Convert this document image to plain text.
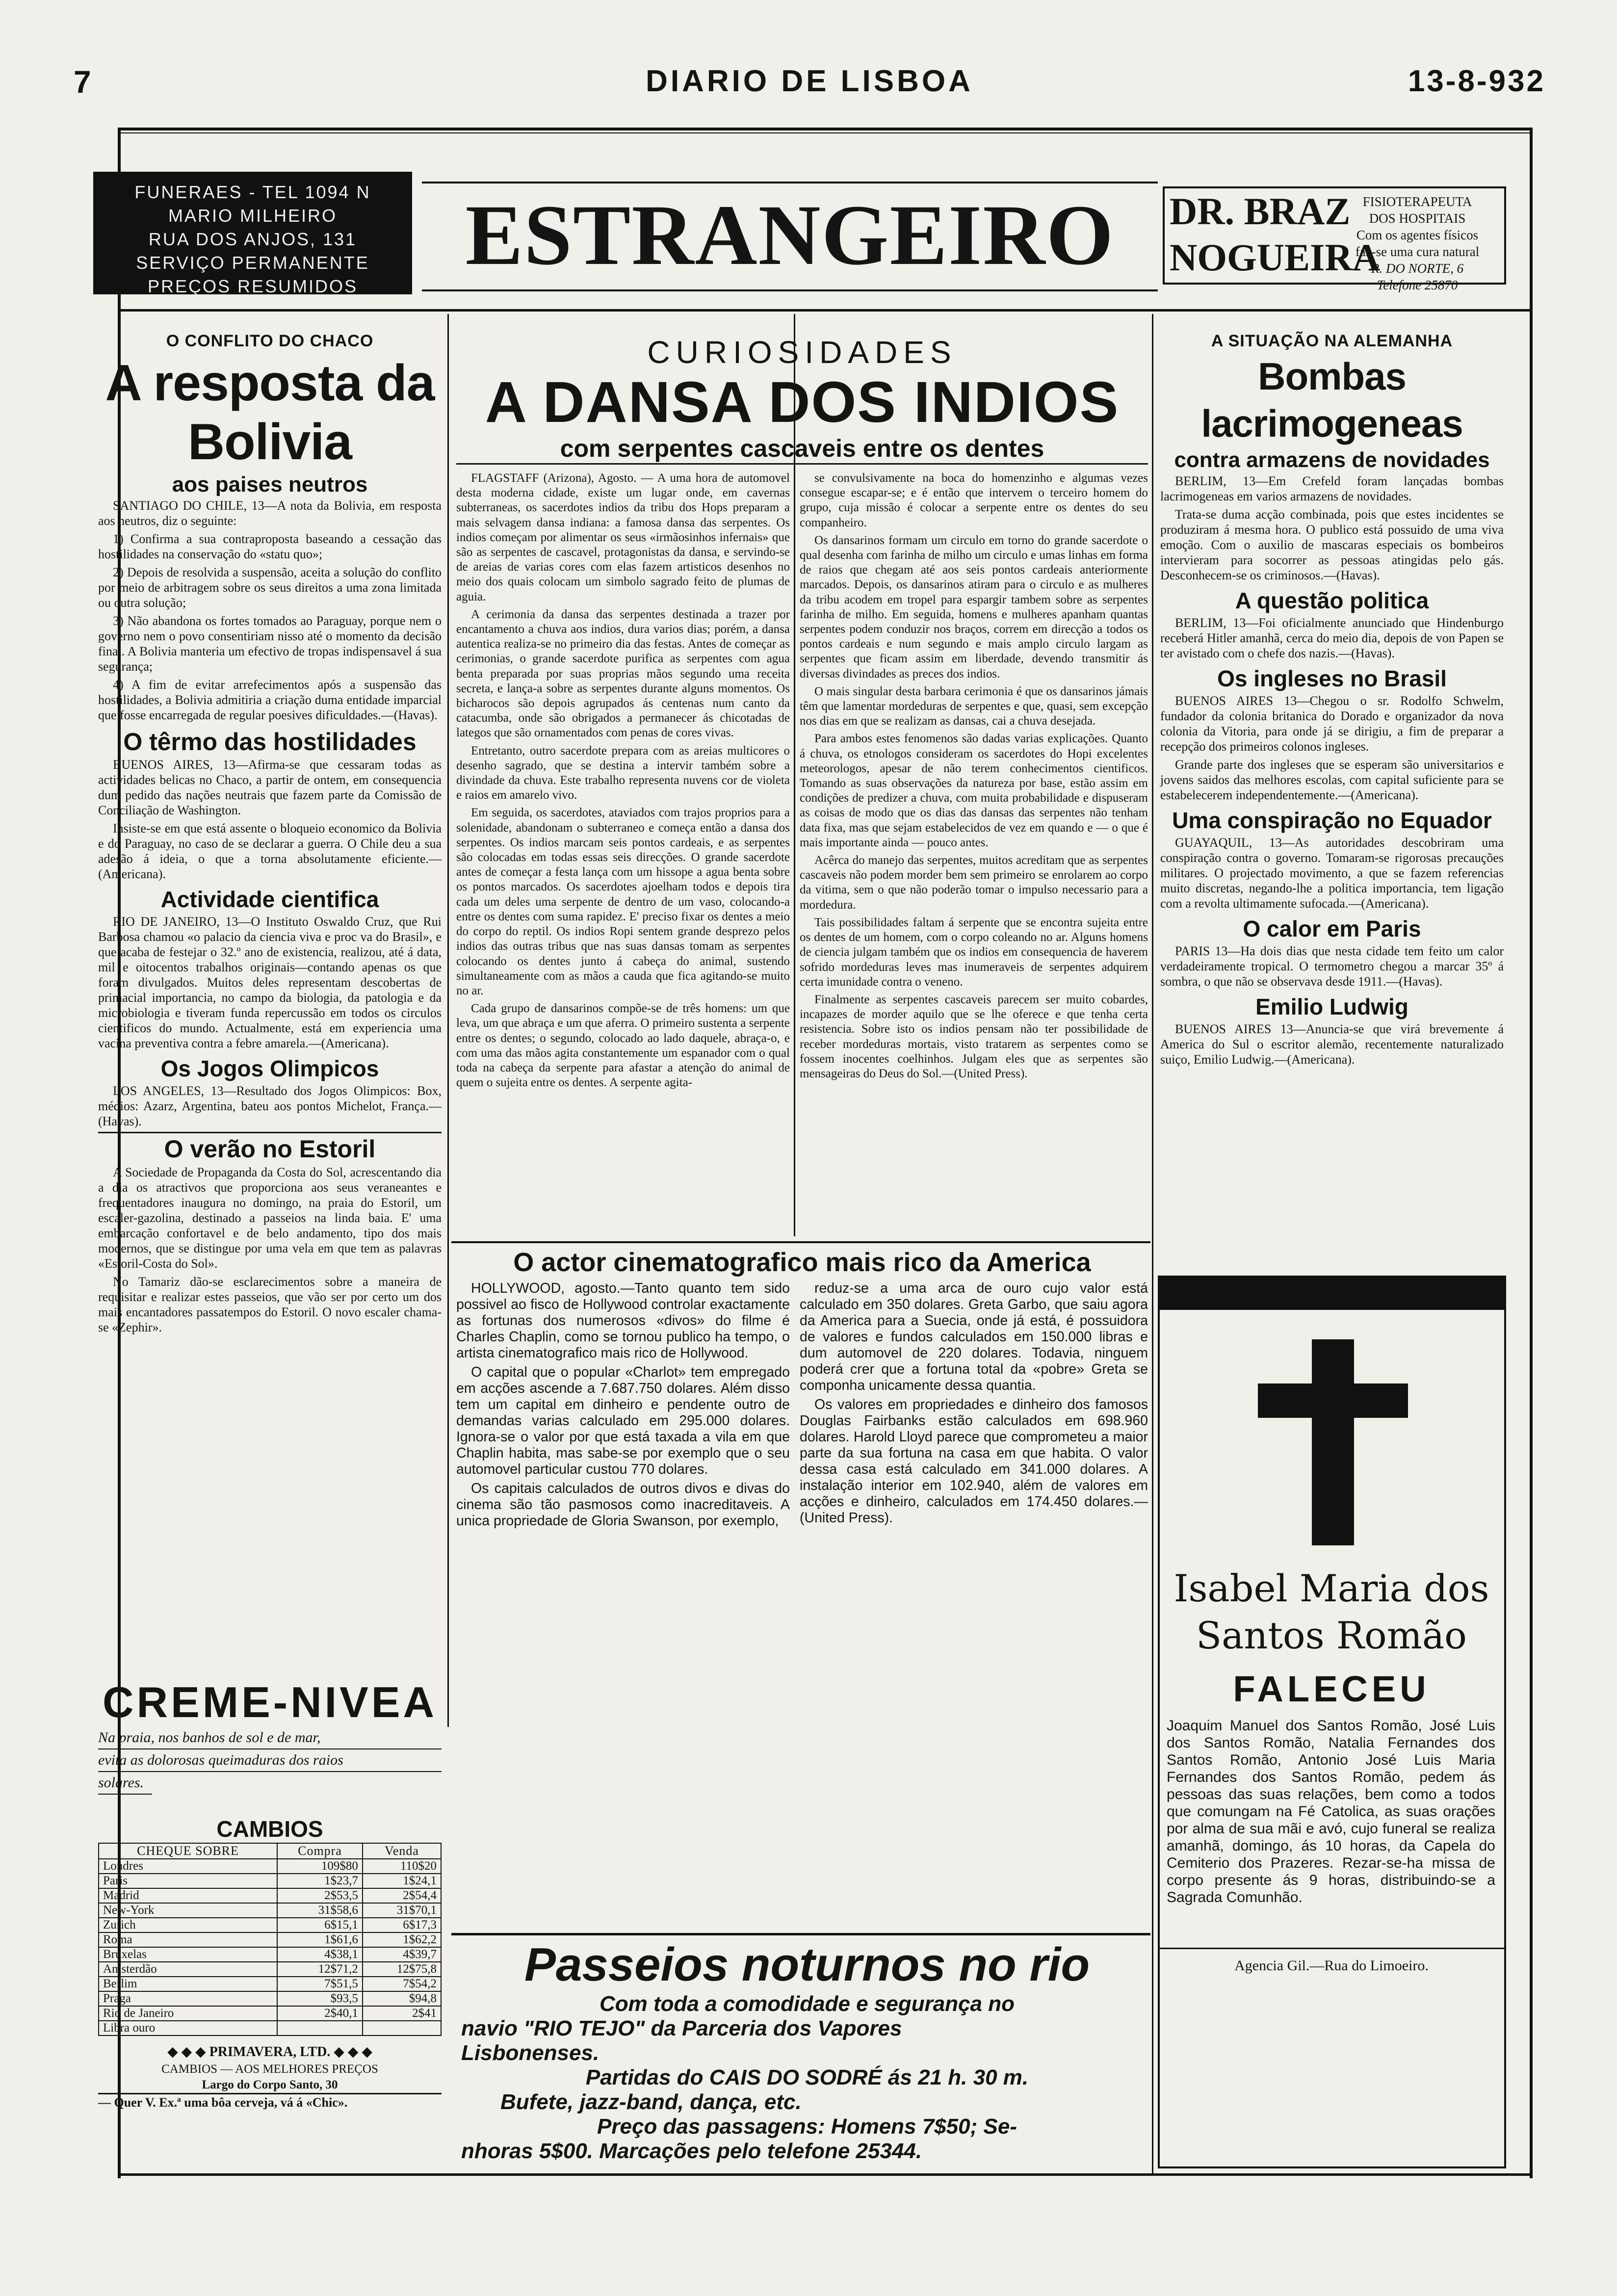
DIARIO DE LISBOA
7	13-8-932
FUNERAES - TEL 1094 N
MARIO MILHEIRO
RUA DOS ANJOS, 131
SERVIÇO PERMANENTE
PREÇOS RESUMIDOS
ESTRANGEIRO	DR. BRAZ
NOGUEIRA
FISIOTERAPEUTA
DOS HOSPITAIS
Com os agentes físicos
faz-se uma cura natural
R. DO NORTE, 6
Telefone 25870
O CONFLITO DO CHACO
A resposta da Bolivia
aos paises neutros

SANTIAGO DO CHILE, 13—A nota da Bolivia, em resposta aos neutros, diz o seguinte:

1) Confirma a sua contraproposta baseando a cessação das hostilidades na conservação do «statu quo»;

2) Depois de resolvida a suspensão, aceita a solução do conflito por meio de arbitragem sobre os seus direitos a uma zona limitada ou outra solução;

3) Não abandona os fortes tomados ao Paraguay, porque nem o governo nem o povo consentiriam nisso até o momento da decisão final. A Bolivia manteria um efectivo de tropas indispensavel á sua segurança;

4) A fim de evitar arrefecimentos após a suspensão das hostilidades, a Bolivia admitiria a criação duma entidade imparcial que fosse encarregada de regular poesives dificuldades.—(Havas).

O têrmo das hostilidades

BUENOS AIRES, 13—Afirma-se que cessaram todas as actividades belicas no Chaco, a partir de ontem, em consequencia dum pedido das nações neutrais que fazem parte da Comissão de Conciliação de Washington.

Insiste-se em que está assente o bloqueio economico da Bolivia e do Paraguay, no caso de se declarar a guerra. O Chile deu a sua adesão á ideia, o que a torna absolutamente eficiente.—(Americana).

Actividade cientifica

RIO DE JANEIRO, 13—O Instituto Oswaldo Cruz, que Rui Barbosa chamou «o palacio da ciencia viva e proc va do Brasil», e que acaba de festejar o 32.º ano de existencia, realizou, até á data, mil e oitocentos trabalhos originais—contando apenas os que foram divulgados. Muitos deles representam descobertas de primacial importancia, no campo da biologia, da patologia e da microbiologia e tiveram funda repercussão em todos os circulos cientificos do mundo. Actualmente, está em experiencia uma vacina preventiva contra a febre amarela.—(Americana).

Os Jogos Olimpicos

LOS ANGELES, 13—Resultado dos Jogos Olimpicos: Box, médios: Azarz, Argentina, bateu aos pontos Michelot, França.—(Havas).

O verão no Estoril

A Sociedade de Propaganda da Costa do Sol, acrescentando dia a dia os atractivos que proporciona aos seus veraneantes e frequentadores inaugura no domingo, na praia do Estoril, um escaler-gazolina, destinado a passeios na linda baia. E' uma embarcação confortavel e de belo andamento, tipo dos mais modernos, que se distingue por uma vela em que tem as palavras «Estoril-Costa do Sol».

No Tamariz dão-se esclarecimentos sobre a maneira de requisitar e realizar estes passeios, que vão ser por certo um dos mais encantadores passatempos do Estoril. O novo escaler chama-se «Zephir».

CREME-NIVEA
Na praia, nos banhos de sol e de mar,
evita as dolorosas queimaduras dos raios
solares.
CAMBIOS
CHEQUE SOBRE	Compra	Venda
Londres	109$80	110$20
Paris	1$23,7	1$24,1
Madrid	2$53,5	2$54,4
New-York	31$58,6	31$70,1
Zurich	6$15,1	6$17,3
Roma	1$61,6	1$62,2
Bruxelas	4$38,1	4$39,7
Amsterdão	12$71,2	12$75,8
Berlim	7$51,5	7$54,2
Praga	$93,5	$94,8
Rio de Janeiro	2$40,1	2$41
Libra ouro		
◆ ◆ ◆ PRIMAVERA, LTD. ◆ ◆ ◆
CAMBIOS — AOS MELHORES PREÇOS
Largo do Corpo Santo, 30
— Quer V. Ex.ª uma bôa cerveja, vá á «Chic».
CURIOSIDADES
A DANSA DOS INDIOS
com serpentes cascaveis entre os dentes

FLAGSTAFF (Arizona), Agosto. — A uma hora de automovel desta moderna cidade, existe um lugar onde, em cavernas subterraneas, os sacerdotes indios da tribu dos Hops preparam a mais selvagem dansa indiana: a famosa dansa das serpentes. Os indios começam por alimentar os seus «irmãosinhos infernais» que são as serpentes de cascavel, protagonistas da dansa, e servindo-se de areias de varias cores com elas fazem artisticos desenhos no meio dos quais colocam um simbolo sagrado feito de plumas de aguia.

A cerimonia da dansa das serpentes destinada a trazer por encantamento a chuva aos indios, dura varios dias; porém, a dansa autentica realiza-se no primeiro dia das festas. Antes de começar as cerimonias, o grande sacerdote purifica as serpentes com agua benta preparada por suas proprias mãos segundo uma receita secreta, e lança-a sobre as serpentes durante alguns momentos. Os bicharocos são depois agrupados ás centenas num canto da catacumba, onde são obrigados a permanecer ás chicotadas de lategos que são ornamentados com penas de cores vivas.

Entretanto, outro sacerdote prepara com as areias multicores o desenho sagrado, que se destina a intervir também sobre a divindade da chuva. Este trabalho representa nuvens cor de violeta e raios em amarelo vivo.

Em seguida, os sacerdotes, ataviados com trajos proprios para a solenidade, abandonam o subterraneo e começa então a dansa dos serpentes. Os indios marcam seis pontos cardeais, e as serpentes são colocadas em todas essas seis direcções. O grande sacerdote antes de começar a festa lança com um hissope a agua benta sobre os pontos marcados. Os sacerdotes ajoelham todos e depois tira cada um deles uma serpente de dentro de um vaso, colocando-a entre os dentes com suma rapidez. E' preciso fixar os dentes a meio do corpo do reptil. Os indios Ropi sentem grande desprezo pelos indios das outras tribus que nas suas dansas tomam as serpentes colocando os dentes junto á cabeça do animal, sustendo simultaneamente com as mãos a cauda que fica agitando-se muito no ar.

Cada grupo de dansarinos compõe-se de três homens: um que leva, um que abraça e um que aferra. O primeiro sustenta a serpente entre os dentes; o segundo, colocado ao lado daquele, abraça-o, e com uma das mãos agita constantemente um espanador com o qual toda na cabeça da serpente para afastar a atenção do animal de quem o sujeita entre os dentes. A serpente agita-

se convulsivamente na boca do homenzinho e algumas vezes consegue escapar-se; e é então que intervem o terceiro homem do grupo, cuja missão é colocar a serpente entre os dentes do seu companheiro.

Os dansarinos formam um circulo em torno do grande sacerdote o qual desenha com farinha de milho um circulo e umas linhas em forma de raios que chegam até aos seis pontos cardeais anteriormente marcados. Depois, os dansarinos atiram para o circulo e as mulheres da tribu acodem em tropel para espargir tambem sobre as serpentes farinha de milho. Em seguida, homens e mulheres apanham quantas serpentes podem conduzir nos braços, correm em direcção a todos os pontos cardeais e num segundo e mais amplo circulo largam as serpentes que ficam assim em liberdade, devendo transmitir ás diversas divindades as preces dos indios.

O mais singular desta barbara cerimonia é que os dansarinos jámais têm que lamentar mordeduras de serpentes e que, quasi, sem excepção nos dias em que se realizam as dansas, cai a chuva desejada.

Para ambos estes fenomenos são dadas varias explicações. Quanto á chuva, os etnologos consideram os sacerdotes do Hopi excelentes meteorologos, apesar de não terem conhecimentos cientificos. Tomando as suas observações da natureza por base, estão assim em condições de predizer a chuva, com muita probabilidade e dispuseram as coisas de modo que os dias das dansas das serpentes não tenham data fixa, mas que sejam estabelecidos de vez em quando e — o que é mais importante ainda — pouco antes.

Acêrca do manejo das serpentes, muitos acreditam que as serpentes cascaveis não podem morder bem sem primeiro se enrolarem ao corpo da vitima, sem o que não poderão tomar o impulso necessario para a mordedura.

Tais possibilidades faltam á serpente que se encontra sujeita entre os dentes de um homem, com o corpo coleando no ar. Alguns homens de ciencia julgam também que os indios em consequencia de haverem sofrido mordeduras leves mas inumeraveis de serpentes adquirem certa imunidade contra o veneno.

Finalmente as serpentes cascaveis parecem ser muito cobardes, incapazes de morder aquilo que se lhe oferece e que tenha certa resistencia. Sobre isto os indios pensam não ter possibilidade de receber mordeduras mortais, visto tratarem as serpentes como se fossem inocentes coelhinhos. Julgam eles que as serpentes são mensageiras do Deus do Sol.—(United Press).

O actor cinematografico mais rico da America

HOLLYWOOD, agosto.—Tanto quanto tem sido possivel ao fisco de Hollywood controlar exactamente as fortunas dos numerosos «divos» do filme é Charles Chaplin, como se tornou publico ha tempo, o artista cinematografico mais rico de Hollywood.

O capital que o popular «Charlot» tem empregado em acções ascende a 7.687.750 dolares. Além disso tem um capital em dinheiro e pendente outro de demandas varias calculado em 295.000 dolares. Ignora-se o valor por que está taxada a vila em que Chaplin habita, mas sabe-se por exemplo que o seu automovel particular custou 770 dolares.

Os capitais calculados de outros divos e divas do cinema são tão pasmosos como inacreditaveis. A unica propriedade de Gloria Swanson, por exemplo,

reduz-se a uma arca de ouro cujo valor está calculado em 350 dolares. Greta Garbo, que saiu agora da America para a Suecia, onde já está, é possuidora de valores e fundos calculados em 150.000 libras e dum automovel de 220 dolares. Todavia, ninguem poderá crer que a fortuna total da «pobre» Greta se componha unicamente dessa quantia.

Os valores em propriedades e dinheiro dos famosos Douglas Fairbanks estão calculados em 698.960 dolares. Harold Lloyd parece que comprometeu a maior parte da sua fortuna na casa em que habita. O valor dessa casa está calculado em 341.000 dolares. A instalação interior em 102.940, além de valores em acções e dinheiro, calculados em 174.450 dolares.—(United Press).

Passeios noturnos no rio
Com toda a comodidade e segurança no
navio "RIO TEJO" da Parceria dos Vapores
Lisbonenses.
Partidas do CAIS DO SODRÉ ás 21 h. 30 m.
Bufete, jazz-band, dança, etc.
Preço das passagens: Homens 7$50; Se-
nhoras 5$00. Marcações pelo telefone 25344.
A SITUAÇÃO NA ALEMANHA
Bombas lacrimogeneas
contra armazens de novidades

BERLIM, 13—Em Crefeld foram lançadas bombas lacrimogeneas em varios armazens de novidades.

Trata-se duma acção combinada, pois que estes incidentes se produziram á mesma hora. O publico está possuido de uma viva emoção. Com o auxilio de mascaras especiais os bombeiros intervieram para socorrer as pessoas atingidas pelo gás. Desconhecem-se os criminosos.—(Havas).

A questão politica

BERLIM, 13—Foi oficialmente anunciado que Hindenburgo receberá Hitler amanhã, cerca do meio dia, depois de von Papen se ter avistado com o chefe dos nazis.—(Havas).

Os ingleses no Brasil

BUENOS AIRES 13—Chegou o sr. Rodolfo Schwelm, fundador da colonia britanica do Dorado e organizador da nova colonia da Vitoria, para onde já se dirigiu, a fim de preparar a recepção dos primeiros colonos ingleses.

Grande parte dos ingleses que se esperam são universitarios e jovens saidos das melhores escolas, com capital suficiente para se estabelecerem independentemente.—(Americana).

Uma conspiração no Equador

GUAYAQUIL, 13—As autoridades descobriram uma conspiração contra o governo. Tomaram-se rigorosas precauções militares. O projectado movimento, a que se fazem referencias muito discretas, negando-lhe a politica importancia, tem ligação com a revolta ultimamente sufocada.—(Americana).

O calor em Paris

PARIS 13—Ha dois dias que nesta cidade tem feito um calor verdadeiramente tropical. O termometro chegou a marcar 35º á sombra, o que não se observava desde 1911.—(Havas).

Emilio Ludwig

BUENOS AIRES 13—Anuncia-se que virá brevemente á America do Sul o escritor alemão, recentemente naturalizado suiço, Emilio Ludwig.—(Americana).

Isabel Maria dos
Santos Romão
FALECEU
Joaquim Manuel dos Santos Romão, José Luis dos Santos Romão, Natalia Fernandes dos Santos Romão, Antonio José Luis Maria Fernandes dos Santos Romão, pedem ás pessoas das suas relações, bem como a todos que comungam na Fé Catolica, as suas orações por alma de sua mãi e avó, cujo funeral se realiza amanhã, domingo, ás 10 horas, da Capela do Cemiterio dos Prazeres. Rezar-se-ha missa de corpo presente ás 9 horas, distribuindo-se a Sagrada Comunhão.
Agencia Gil.—Rua do Limoeiro.
